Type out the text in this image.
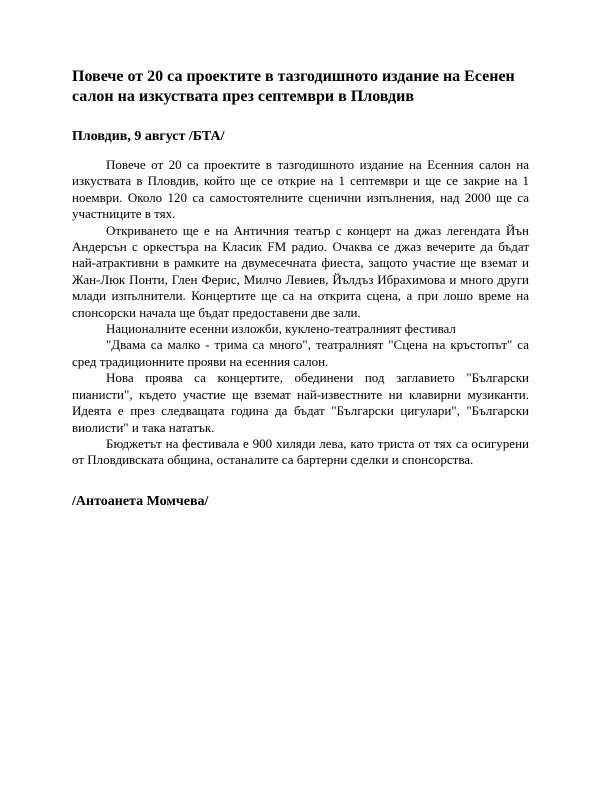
Повече от 20 са проектите в тазгодишното издание на Есенен салон на изкуствата през септември в Пловдив
Пловдив, 9 август /БТА/

Повече от 20 са проектите в тазгодишното издание на Есенния салон на изкуствата в Пловдив, който ще се открие на 1 септември и ще се закрие на 1 ноември. Около 120 са самостоятелните сценични изпълнения, над 2000 ще са участниците в тях.

Откриването ще е на Античния театър с концерт на джаз легендата Йън Андерсън с оркестъра на Класик FM радио. Очаква се джаз вечерите да бъдат най-атрактивни в рамките на двумесечната фиеста, защото участие ще вземат и Жан-Люк Понти, Глен Ферис, Милчо Левиев, Йълдъз Ибрахимова и много други млади изпълнители. Концертите ще са на открита сцена, а при лошо време на спонсорски начала ще бъдат предоставени две зали.

Националните есенни изложби, куклено-театралният фестивал

"Двама са малко - трима са много", театралният "Сцена на кръстопът" са сред традиционните прояви на есенния салон.

Нова проява са концертите, обединени под заглавието "Български пианисти", където участие ще вземат най-известните ни клавирни музиканти. Идеята е през следващата година да бъдат "Български цигулари", "Български виолисти" и така нататък.

Бюджетът на фестивала е 900 хиляди лева, като триста от тях са осигурени от Пловдивската община, останалите са бартерни сделки и спонсорства.

/Антоанета Момчева/
